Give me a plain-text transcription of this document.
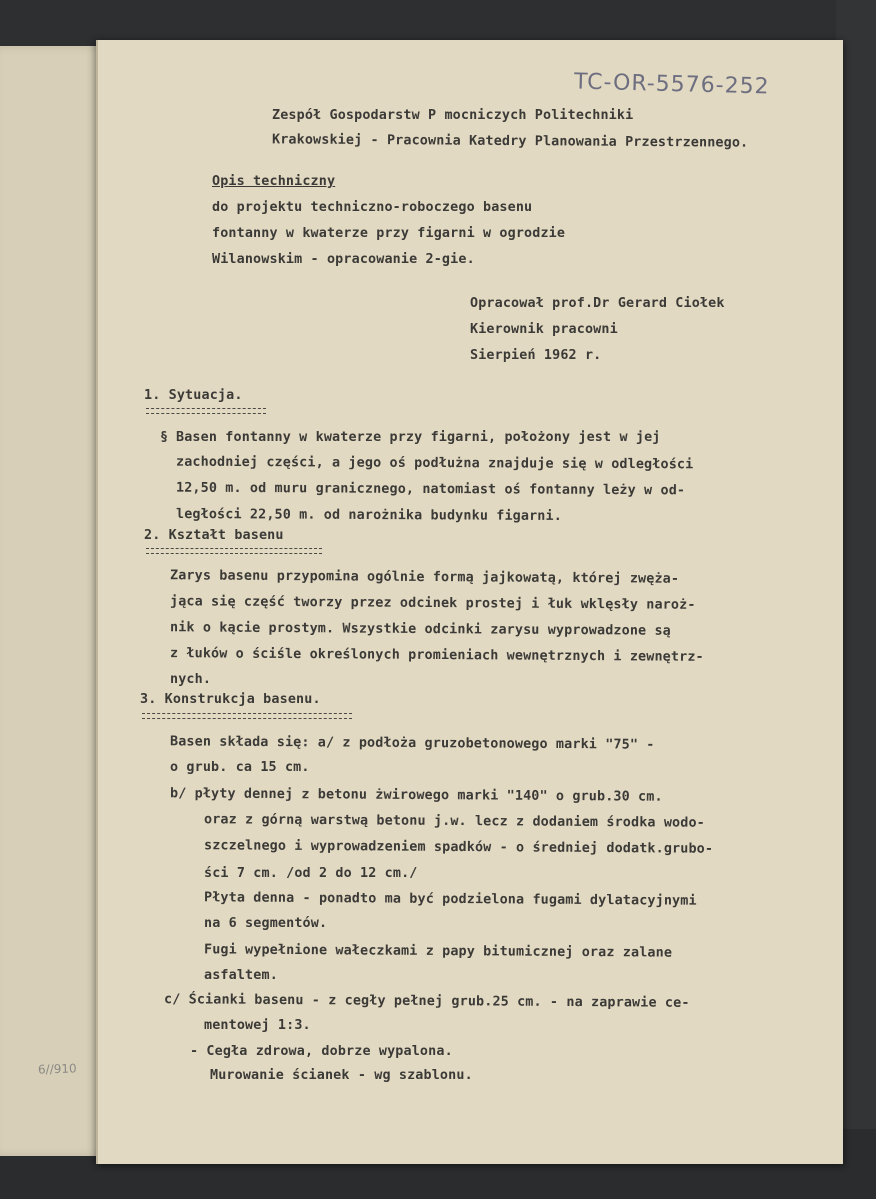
TC-OR-5576-252
Zespół Gospodarstw P mocniczych Politechniki
Krakowskiej - Pracownia Katedry Planowania Przestrzennego.
Opis techniczny
do projektu techniczno-roboczego basenu
fontanny w kwaterze przy figarni w ogrodzie
Wilanowskim - opracowanie 2-gie.
Opracował prof.Dr Gerard Ciołek
Kierownik pracowni
Sierpień 1962 r.
1. Sytuacja.
§ Basen fontanny w kwaterze przy figarni, położony jest w jej
zachodniej części, a jego oś podłużna znajduje się w odległości
12,50 m. od muru granicznego, natomiast oś fontanny leży w od-
ległości 22,50 m. od narożnika budynku figarni.
2. Kształt basenu
Zarys basenu przypomina ogólnie formą jajkowatą, której zwęża-
jąca się część tworzy przez odcinek prostej i łuk wklęsły naroż-
nik o kącie prostym. Wszystkie odcinki zarysu wyprowadzone są
z łuków o ściśle określonych promieniach wewnętrznych i zewnętrz-
nych.
3. Konstrukcja basenu.
Basen składa się: a/ z podłoża gruzobetonowego marki "75" -
o grub. ca 15 cm.
b/ płyty dennej z betonu żwirowego marki "140" o grub.30 cm.
oraz z górną warstwą betonu j.w. lecz z dodaniem środka wodo-
szczelnego i wyprowadzeniem spadków - o średniej dodatk.grubo-
ści 7 cm. /od 2 do 12 cm./
Płyta denna - ponadto ma być podzielona fugami dylatacyjnymi
na 6 segmentów.
Fugi wypełnione wałeczkami z papy bitumicznej oraz zalane
asfaltem.
c/ Ścianki basenu - z cegły pełnej grub.25 cm. - na zaprawie ce-
mentowej 1:3.
- Cegła zdrowa, dobrze wypalona.
Murowanie ścianek - wg szablonu.
6//910
